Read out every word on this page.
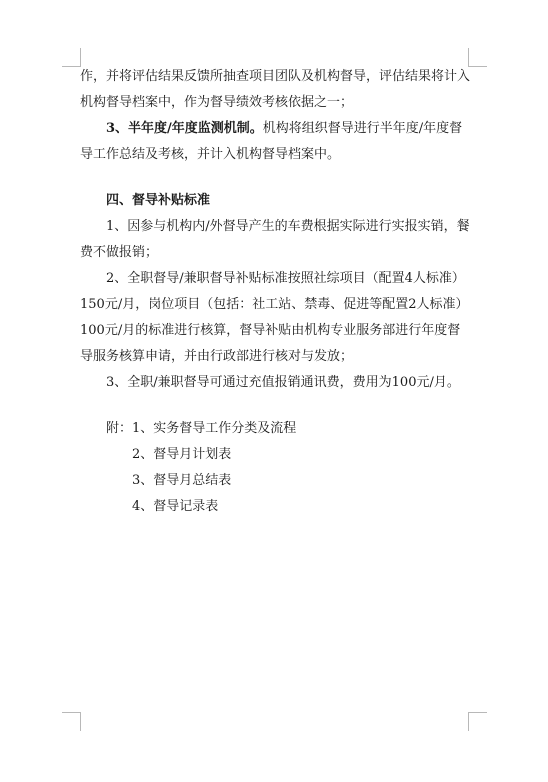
作，并将评估结果反馈所抽查项目团队及机构督导，评估结果将计入机构督导档案中，作为督导绩效考核依据之一；

3、半年度/年度监测机制。机构将组织督导进行半年度/年度督导工作总结及考核，并计入机构督导档案中。

四、督导补贴标准

1、因参与机构内/外督导产生的车费根据实际进行实报实销，餐费不做报销；

2、全职督导/兼职督导补贴标准按照社综项目（配置4人标准）150元/月，岗位项目（包括：社工站、禁毒、促进等配置2人标准）100元/月的标准进行核算，督导补贴由机构专业服务部进行年度督导服务核算申请，并由行政部进行核对与发放；

3、全职/兼职督导可通过充值报销通讯费，费用为100元/月。

附：1、实务督导工作分类及流程

2、督导月计划表

3、督导月总结表

4、督导记录表
